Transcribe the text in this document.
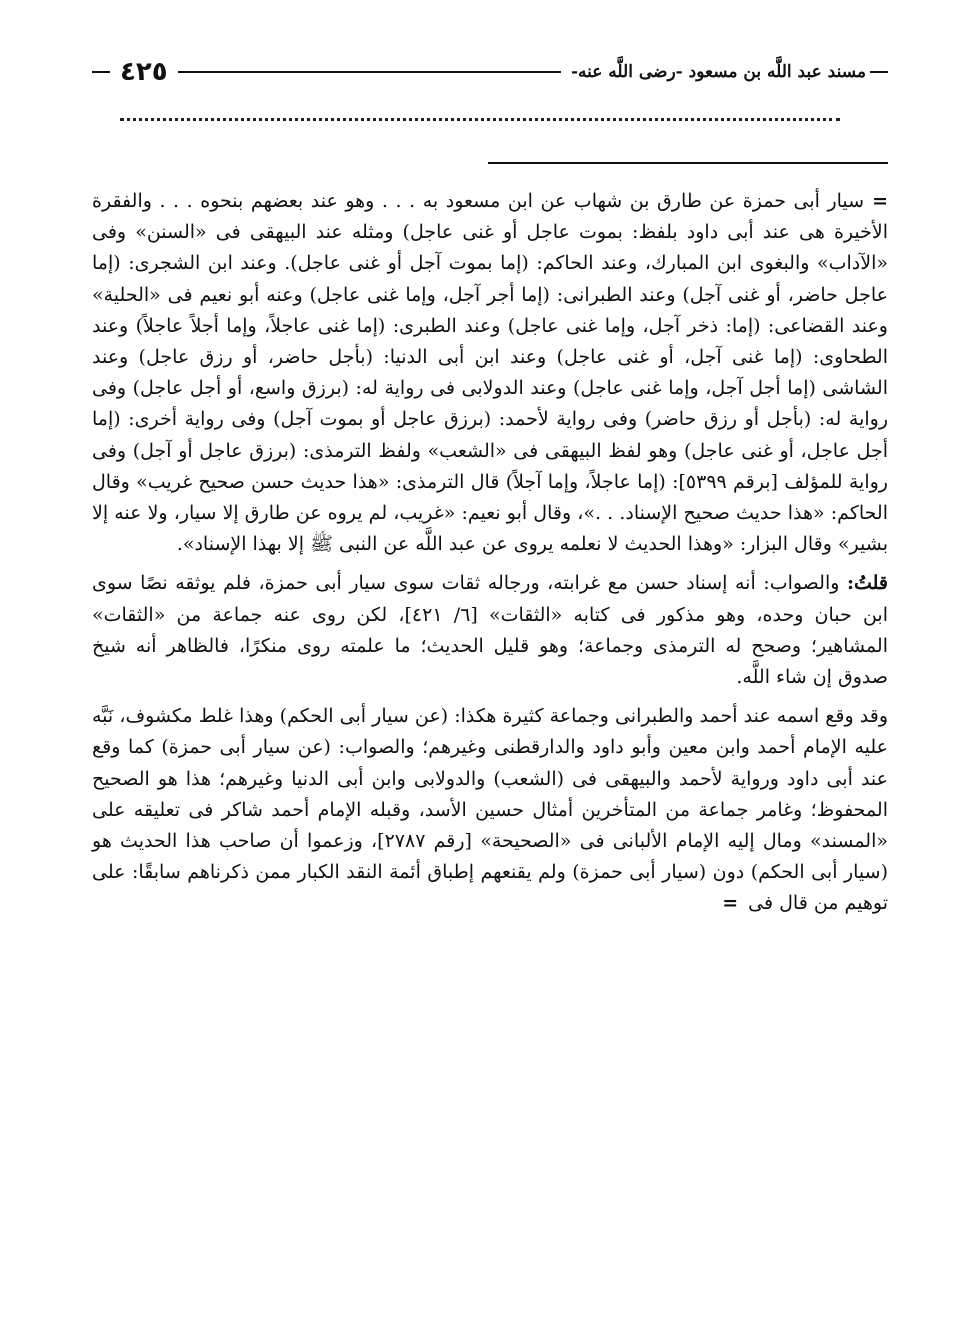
مسند عبد اللَّه بن مسعود -رضى اللَّه عنه-
٤٢٥

=سيار أبى حمزة عن طارق بن شهاب عن ابن مسعود به . . . وهو عند بعضهم بنحوه . . . والفقرة الأخيرة هى عند أبى داود بلفظ: بموت عاجل أو غنى عاجل) ومثله عند البيهقى فى «السنن» وفى «الآداب» والبغوى ابن المبارك، وعند الحاكم: (إما بموت آجل أو غنى عاجل). وعند ابن الشجرى: (إما عاجل حاضر، أو غنى آجل) وعند الطبرانى: (إما أجر آجل، وإما غنى عاجل) وعنه أبو نعيم فى «الحلية» وعند القضاعى: (إما: ذخر آجل، وإما غنى عاجل) وعند الطبرى: (إما غنى عاجلاً، وإما أجلاً عاجلاً) وعند الطحاوى: (إما غنى آجل، أو غنى عاجل) وعند ابن أبى الدنيا: (بأجل حاضر، أو رزق عاجل) وعند الشاشى (إما أجل آجل، وإما غنى عاجل) وعند الدولابى فى رواية له: (برزق واسع، أو أجل عاجل) وفى رواية له: (بأجل أو رزق حاضر) وفى رواية لأحمد: (برزق عاجل أو بموت آجل) وفى رواية أخرى: (إما أجل عاجل، أو غنى عاجل) وهو لفظ البيهقى فى «الشعب» ولفظ الترمذى: (برزق عاجل أو آجل) وفى رواية للمؤلف [برقم ٥٣٩٩]: (إما عاجلاً، وإما آجلاً) قال الترمذى: «هذا حديث حسن صحيح غريب» وقال الحاكم: «هذا حديث صحيح الإسناد. . .»، وقال أبو نعيم: «غريب، لم يروه عن طارق إلا سيار، ولا عنه إلا بشير» وقال البزار: «وهذا الحديث لا نعلمه يروى عن عبد اللَّه عن النبى ﷺ إلا بهذا الإسناد».

قلتُ: والصواب: أنه إسناد حسن مع غرابته، ورجاله ثقات سوى سيار أبى حمزة، فلم يوثقه نصًا سوى ابن حبان وحده، وهو مذكور فى كتابه «الثقات» [٦/ ٤٢١]، لكن روى عنه جماعة من «الثقات» المشاهير؛ وصحح له الترمذى وجماعة؛ وهو قليل الحديث؛ ما علمته روى منكرًا، فالظاهر أنه شيخ صدوق إن شاء اللَّه.

وقد وقع اسمه عند أحمد والطبرانى وجماعة كثيرة هكذا: (عن سيار أبى الحكم) وهذا غلط مكشوف، نَبَّه عليه الإمام أحمد وابن معين وأبو داود والدارقطنى وغيرهم؛ والصواب: (عن سيار أبى حمزة) كما وقع عند أبى داود ورواية لأحمد والبيهقى فى (الشعب) والدولابى وابن أبى الدنيا وغيرهم؛ هذا هو الصحيح المحفوظ؛ وغامر جماعة من المتأخرين أمثال حسين الأسد، وقبله الإمام أحمد شاكر فى تعليقه على «المسند» ومال إليه الإمام الألبانى فى «الصحيحة» [رقم ٢٧٨٧]، وزعموا أن صاحب هذا الحديث هو (سيار أبى الحكم) دون (سيار أبى حمزة) ولم يقنعهم إطباق أئمة النقد الكبار ممن ذكرناهم سابقًا: على توهيم من قال فى=
